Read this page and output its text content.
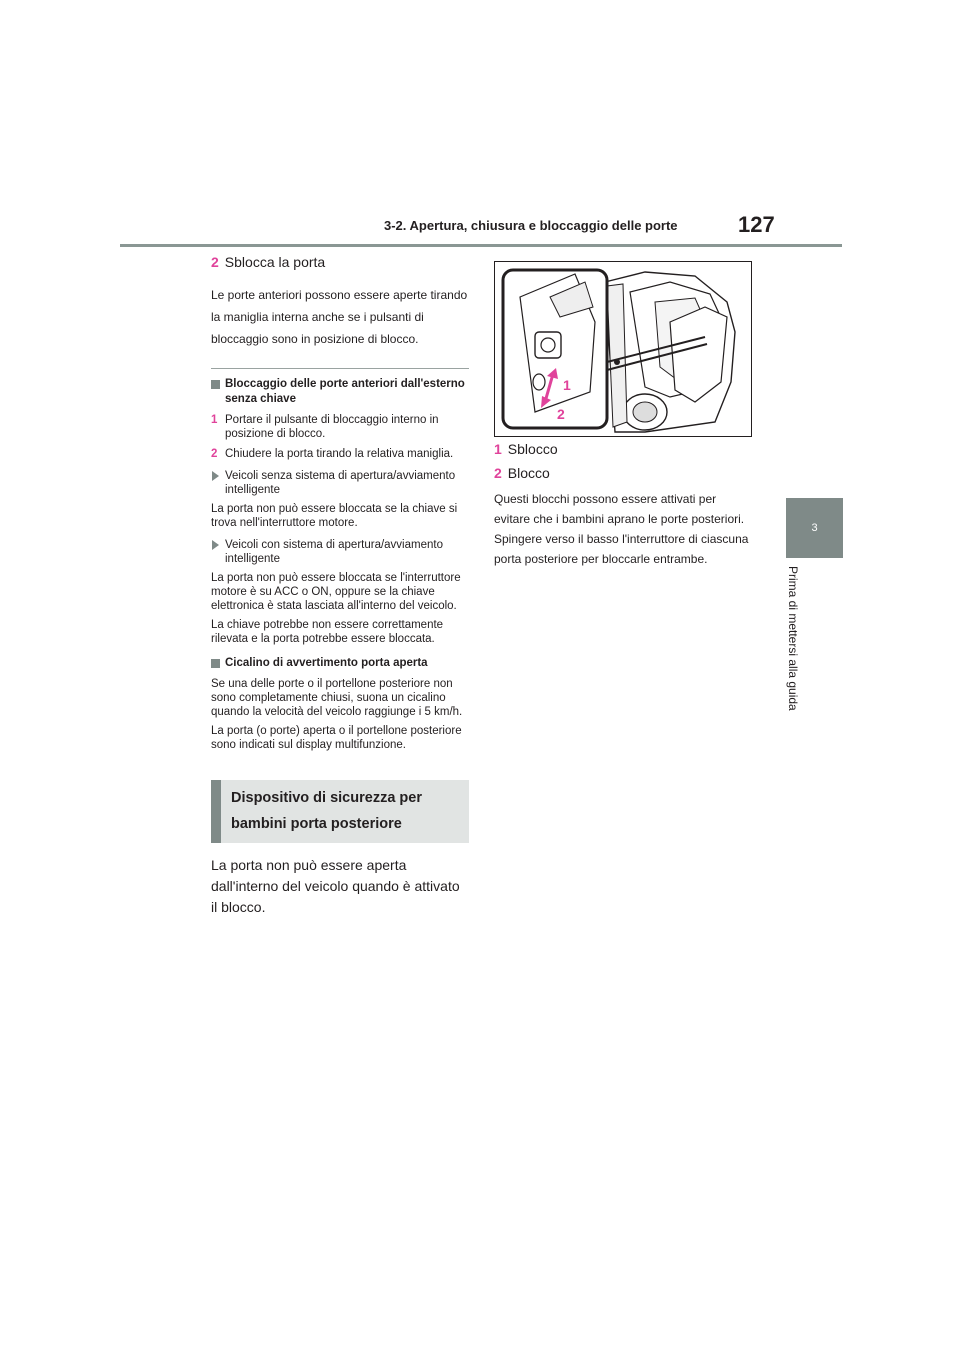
3-2. Apertura, chiusura e bloccaggio delle porte	127
3
Prima di mettersi alla guida
2 Sblocca la porta

Le porte anteriori possono essere aperte tirando la maniglia interna anche se i pulsanti di bloccaggio sono in posizione di blocco.

Bloccaggio delle porte anteriori dall'esterno senza chiave
1 Portare il pulsante di bloccaggio interno in posizione di blocco.
2 Chiudere la porta tirando la relativa maniglia.
Veicoli senza sistema di apertura/avviamento intelligente

La porta non può essere bloccata se la chiave si trova nell'interruttore motore.

Veicoli con sistema di apertura/avviamento intelligente

La porta non può essere bloccata se l'interruttore motore è su ACC o ON, oppure se la chiave elettronica è stata lasciata all'interno del veicolo.

La chiave potrebbe non essere correttamente rilevata e la porta potrebbe essere bloccata.

Cicalino di avvertimento porta aperta

Se una delle porte o il portellone posteriore non sono completamente chiusi, suona un cicalino quando la velocità del veicolo raggiunge i 5 km/h.

La porta (o porte) aperta o il portellone posteriore sono indicati sul display multifunzione.

Dispositivo di sicurezza per
bambini porta posteriore

La porta non può essere aperta dall'interno del veicolo quando è attivato il blocco.

1
2
1 Sblocco
2 Blocco

Questi blocchi possono essere attivati per evitare che i bambini aprano le porte posteriori. Spingere verso il basso l'interruttore di ciascuna porta posteriore per bloccarle entrambe.
